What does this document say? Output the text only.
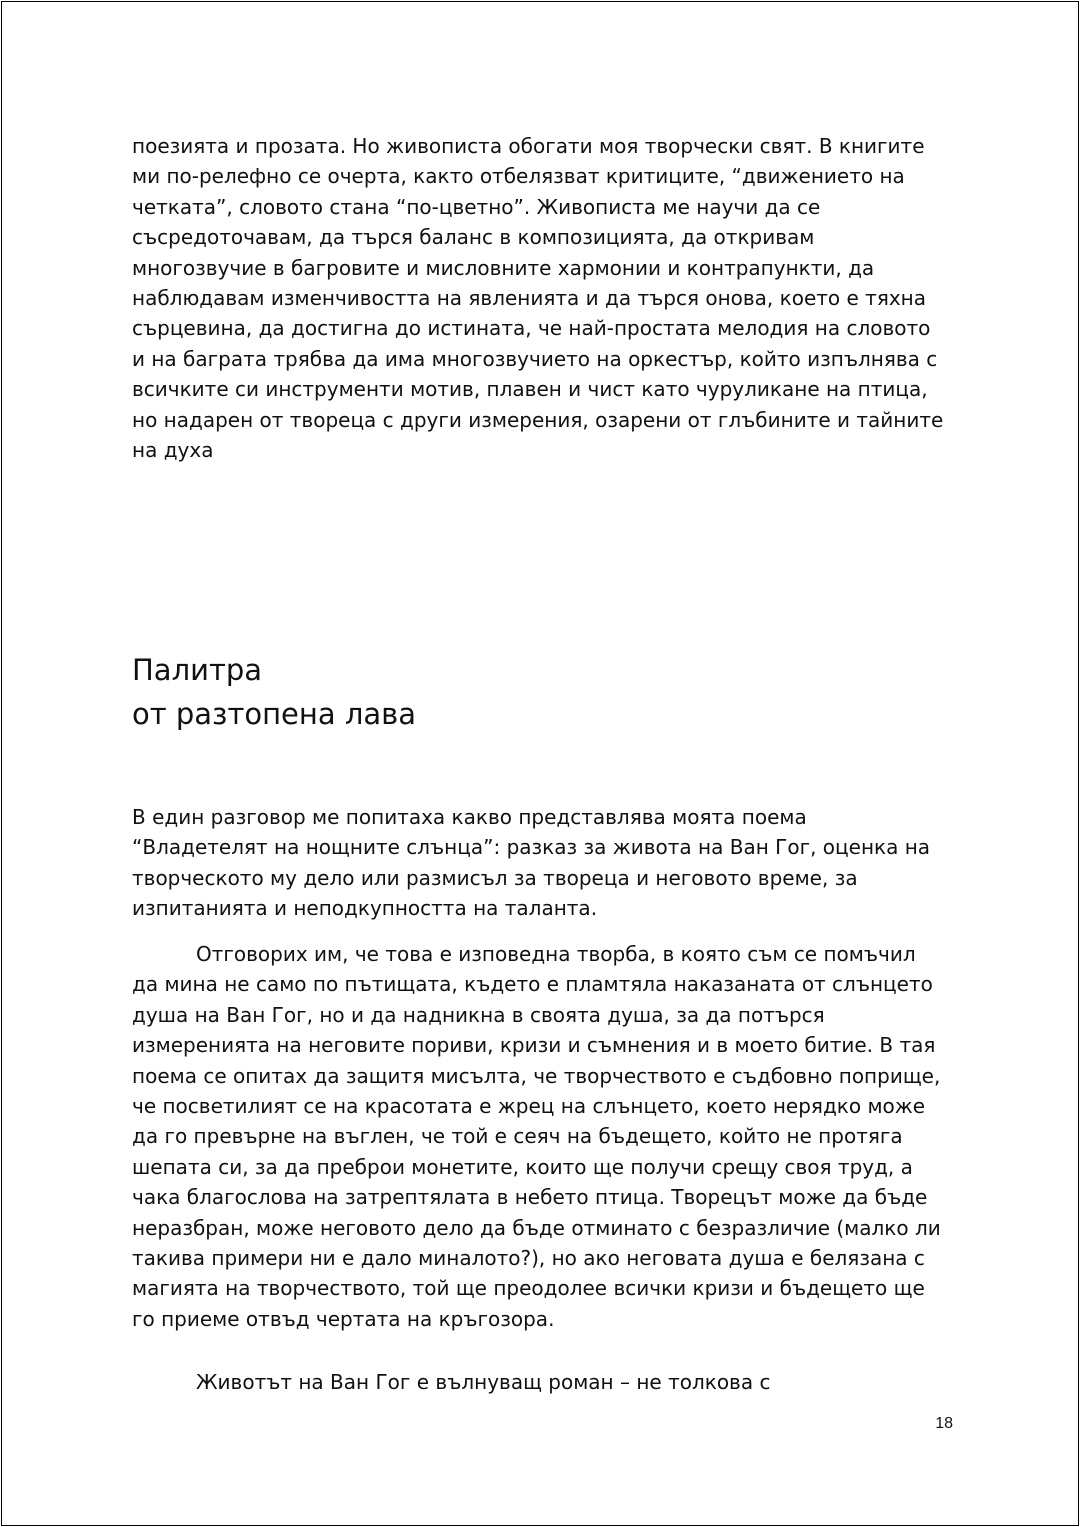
поезията и прозата. Но живописта обогати моя творчески свят. В книгите ми по-релефно се очерта, както отбелязват критиците, “движението на четката”, словото стана “по-цветно”. Живописта ме научи да се съсредоточавам, да търся баланс в композицията, да откривам многозвучие в багровите и мисловните хармонии и контрапункти, да наблюдавам изменчивостта на явленията и да търся онова, което е тяхна сърцевина, да достигна до истината, че най-простата мелодия на словото и на баграта трябва да има многозвучието на оркестър, който изпълнява с всичките си инструменти мотив, плавен и чист като чуруликане на птица, но надарен от твореца с други измерения, озарени от глъбините и тайните на духа

Палитра
от разтопена лава

В един разговор ме попитаха какво представлява моята поема “Владетелят на нощните слънца”: разказ за живота на Ван Гог, оценка на творческото му дело или размисъл за твореца и неговото време, за изпитанията и неподкупността на таланта.

Отговорих им, че това е изповедна творба, в която съм се помъчил да мина не само по пътищата, където е пламтяла наказаната от слънцето душа на Ван Гог, но и да надникна в своята душа, за да потърся измеренията на неговите пориви, кризи и съмнения и в моето битие. В тая поема се опитах да защитя мисълта, че творчеството е съдбовно поприще, че посветилият се на красотата е жрец на слънцето, което нерядко може да го превърне на въглен, че той е сеяч на бъдещето, който не протяга шепата си, за да преброи монетите, които ще получи срещу своя труд, а чака благослова на затрептялата в небето птица. Творецът може да бъде неразбран, може неговото дело да бъде отминато с безразличие (малко ли такива примери ни е дало миналото?), но ако неговата душа е белязана с магията на творчеството, той ще преодолее всички кризи и бъдещето ще го приеме отвъд чертата на кръгозора.

Животът на Ван Гог е вълнуващ роман – не толкова с

18
